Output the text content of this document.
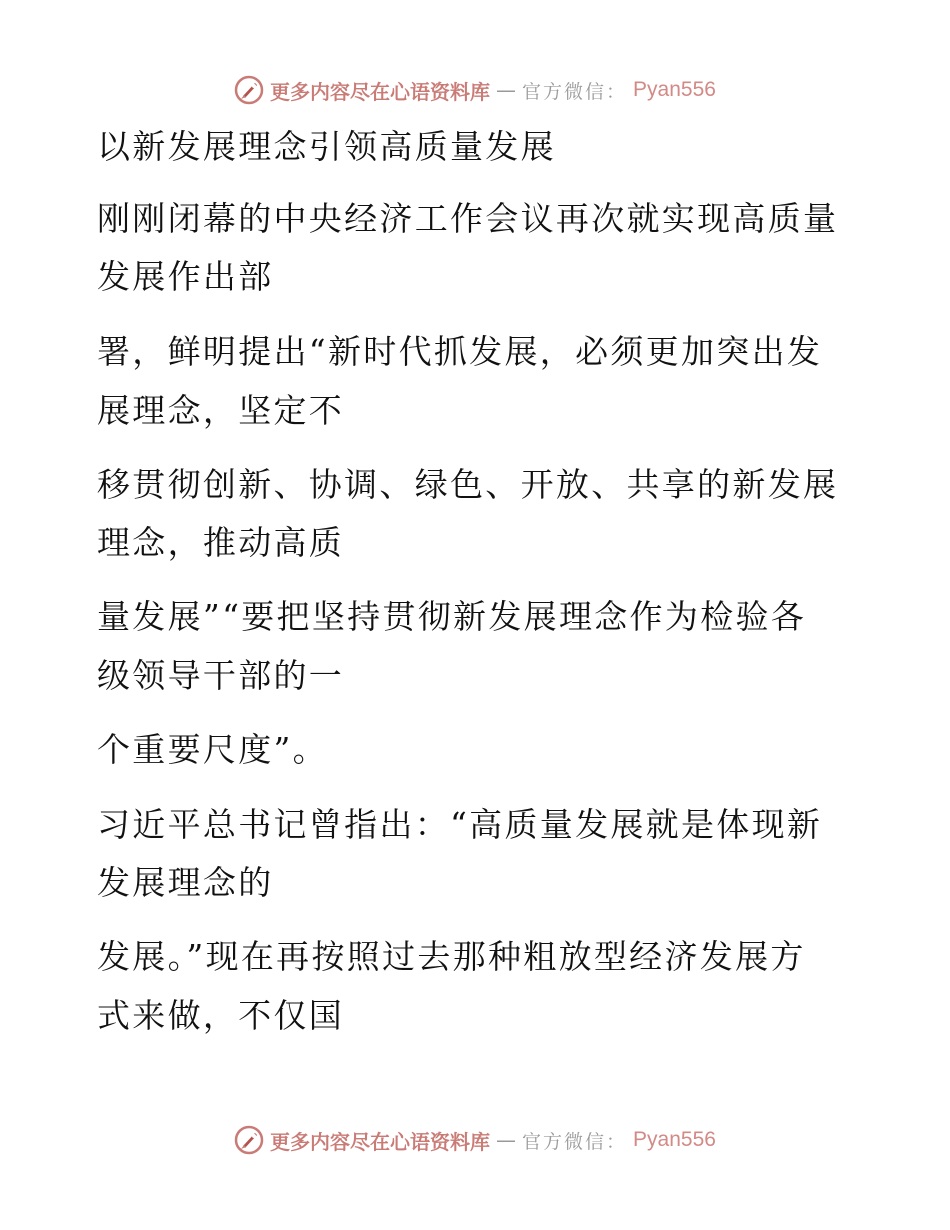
更多内容尽在心语资料库 — 官方微信： Pyan556
以新发展理念引领高质量发展
刚刚闭幕的中央经济工作会议再次就实现高质量
发展作出部
署，鲜明提出“新时代抓发展，必须更加突出发
展理念，坚定不
移贯彻创新、协调、绿色、开放、共享的新发展
理念，推动高质
量发展”“要把坚持贯彻新发展理念作为检验各
级领导干部的一
个重要尺度”。
习近平总书记曾指出：“高质量发展就是体现新
发展理念的
发展。”现在再按照过去那种粗放型经济发展方
式来做，不仅国
更多内容尽在心语资料库 — 官方微信： Pyan556
